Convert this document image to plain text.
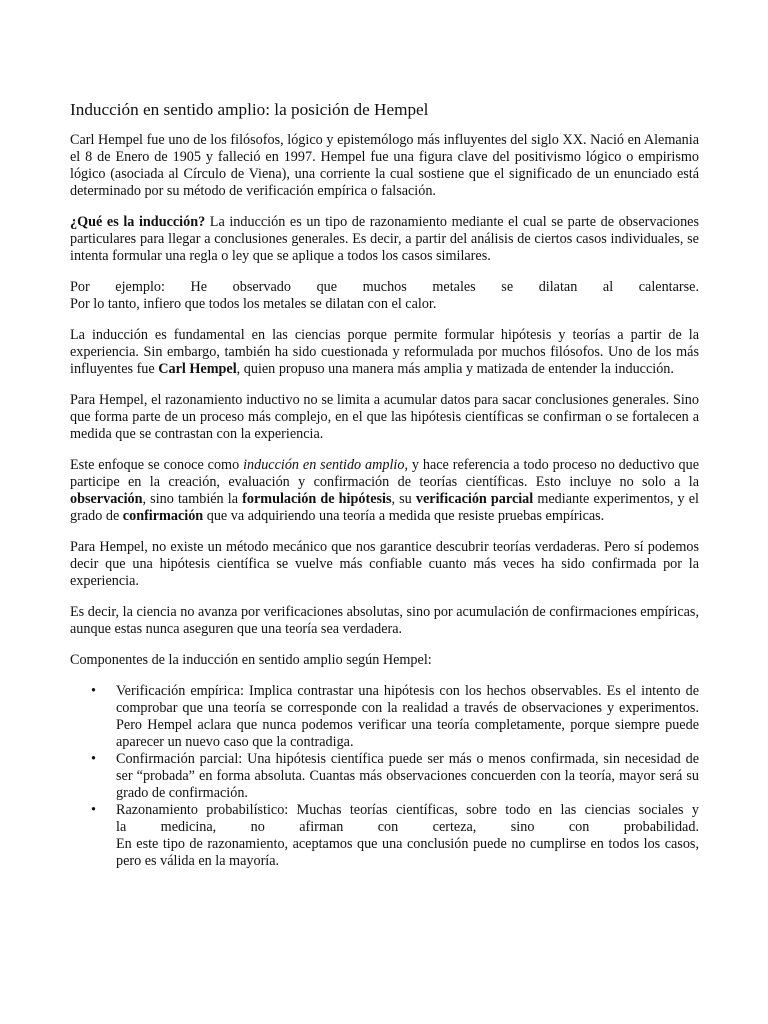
Inducción en sentido amplio: la posición de Hempel

Carl Hempel fue uno de los filósofos, lógico y epistemólogo más influyentes del siglo XX. Nació en Alemania el 8 de Enero de 1905 y falleció en 1997. Hempel fue una figura clave del positivismo lógico o empirismo lógico (asociada al Círculo de Viena), una corriente la cual sostiene que el significado de un enunciado está determinado por su método de verificación empírica o falsación.

¿Qué es la inducción? La inducción es un tipo de razonamiento mediante el cual se parte de observaciones particulares para llegar a conclusiones generales. Es decir, a partir del análisis de ciertos casos individuales, se intenta formular una regla o ley que se aplique a todos los casos similares.

Por ejemplo: He observado que muchos metales se dilatan al calentarse.
Por lo tanto, infiero que todos los metales se dilatan con el calor.

La inducción es fundamental en las ciencias porque permite formular hipótesis y teorías a partir de la experiencia. Sin embargo, también ha sido cuestionada y reformulada por muchos filósofos. Uno de los más influyentes fue Carl Hempel, quien propuso una manera más amplia y matizada de entender la inducción.

Para Hempel, el razonamiento inductivo no se limita a acumular datos para sacar conclusiones generales. Sino que forma parte de un proceso más complejo, en el que las hipótesis científicas se confirman o se fortalecen a medida que se contrastan con la experiencia.

Este enfoque se conoce como inducción en sentido amplio, y hace referencia a todo proceso no deductivo que participe en la creación, evaluación y confirmación de teorías científicas. Esto incluye no solo a la observación, sino también la formulación de hipótesis, su verificación parcial mediante experimentos, y el grado de confirmación que va adquiriendo una teoría a medida que resiste pruebas empíricas.

Para Hempel, no existe un método mecánico que nos garantice descubrir teorías verdaderas. Pero sí podemos decir que una hipótesis científica se vuelve más confiable cuanto más veces ha sido confirmada por la experiencia.

Es decir, la ciencia no avanza por verificaciones absolutas, sino por acumulación de confirmaciones empíricas, aunque estas nunca aseguren que una teoría sea verdadera.

Componentes de la inducción en sentido amplio según Hempel:

• Verificación empírica: Implica contrastar una hipótesis con los hechos observables. Es el intento de comprobar que una teoría se corresponde con la realidad a través de observaciones y experimentos. Pero Hempel aclara que nunca podemos verificar una teoría completamente, porque siempre puede aparecer un nuevo caso que la contradiga.
• Confirmación parcial: Una hipótesis científica puede ser más o menos confirmada, sin necesidad de ser “probada” en forma absoluta. Cuantas más observaciones concuerden con la teoría, mayor será su grado de confirmación.
• Razonamiento probabilístico: Muchas teorías científicas, sobre todo en las ciencias sociales y
la medicina, no afirman con certeza, sino con probabilidad.
En este tipo de razonamiento, aceptamos que una conclusión puede no cumplirse en todos los casos, pero es válida en la mayoría.
